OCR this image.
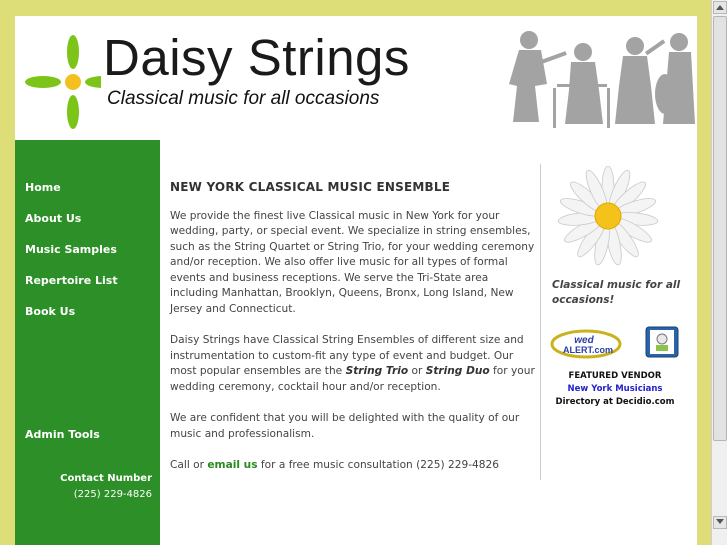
Daisy Strings
Classical music for all occasions
Home
About Us
Music Samples
Repertoire List
Book Us
Admin Tools
Contact Number
(225) 229-4826
NEW YORK CLASSICAL MUSIC ENSEMBLE

We provide the finest live Classical music in New York for your wedding, party, or special event. We specialize in string ensembles, such as the String Quartet or String Trio, for your wedding ceremony and/or reception. We also offer live music for all types of formal events and business receptions. We serve the Tri-State area including Manhattan, Brooklyn, Queens, Bronx, Long Island, New Jersey and Connecticut.

Daisy Strings have Classical String Ensembles of different size and instrumentation to custom-fit any type of event and budget. Our most popular ensembles are the String Trio or String Duo for your wedding ceremony, cocktail hour and/or reception.

We are confident that you will be delighted with the quality of our music and professionalism.

Call or email us for a free music consultation (225) 229-4826

Classical music for all occasions!
wed
ALERT.com
FEATURED VENDOR
New York Musicians
Directory at Decidio.com
